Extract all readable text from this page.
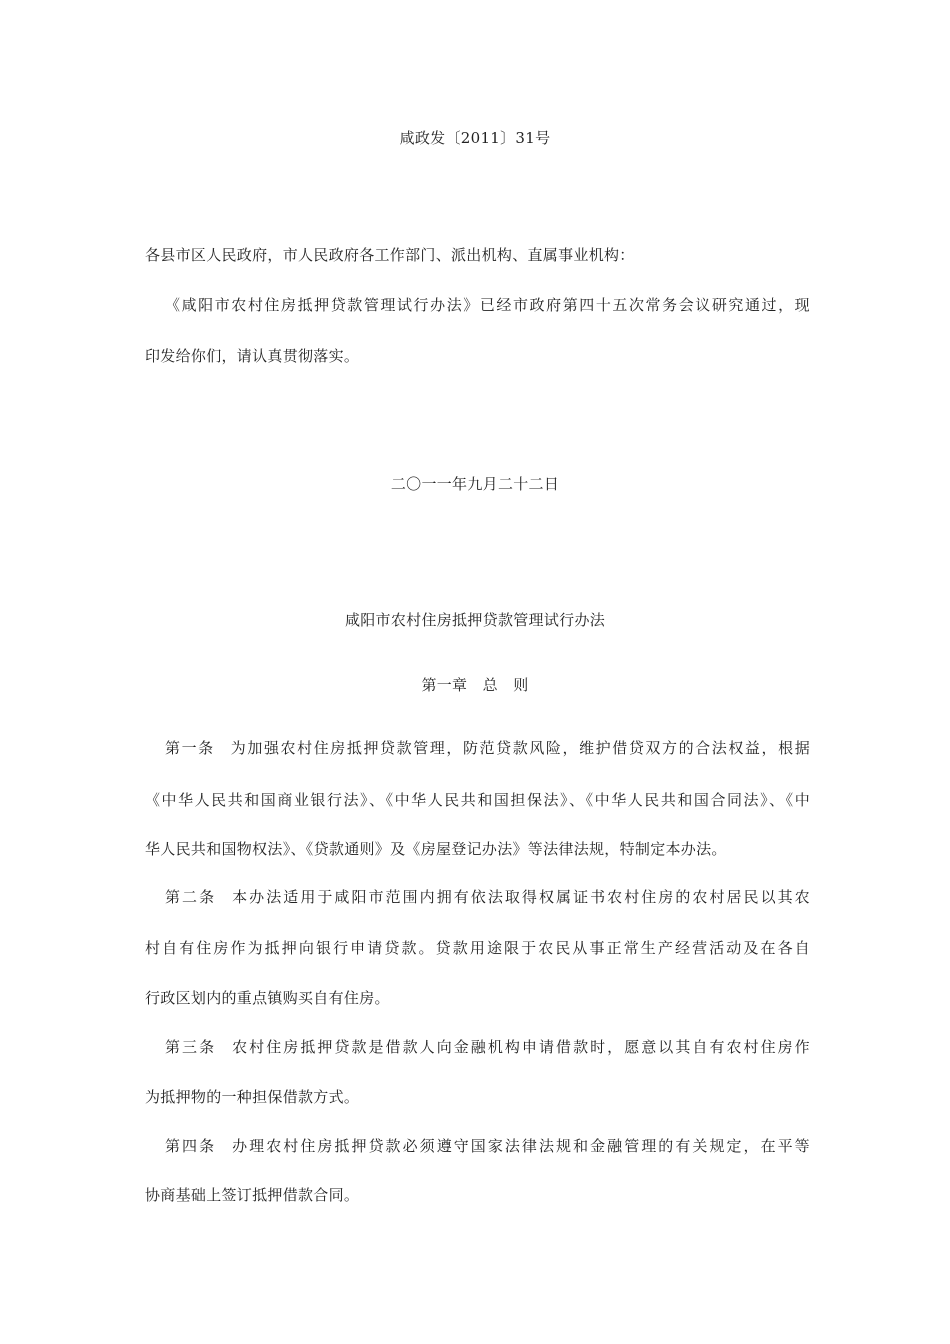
咸政发〔2011〕31号
各县市区人民政府，市人民政府各工作部门、派出机构、直属事业机构：
《咸阳市农村住房抵押贷款管理试行办法》已经市政府第四十五次常务会议研究通过，现
印发给你们，请认真贯彻落实。
二〇一一年九月二十二日
咸阳市农村住房抵押贷款管理试行办法
第一章　总　则
第一条 为加强农村住房抵押贷款管理，防范贷款风险，维护借贷双方的合法权益，根据
《中华人民共和国商业银行法》、《中华人民共和国担保法》、《中华人民共和国合同法》、《中
华人民共和国物权法》、《贷款通则》及《房屋登记办法》等法律法规，特制定本办法。
第二条 本办法适用于咸阳市范围内拥有依法取得权属证书农村住房的农村居民以其农
村自有住房作为抵押向银行申请贷款。贷款用途限于农民从事正常生产经营活动及在各自
行政区划内的重点镇购买自有住房。
第三条 农村住房抵押贷款是借款人向金融机构申请借款时，愿意以其自有农村住房作
为抵押物的一种担保借款方式。
第四条 办理农村住房抵押贷款必须遵守国家法律法规和金融管理的有关规定，在平等
协商基础上签订抵押借款合同。
